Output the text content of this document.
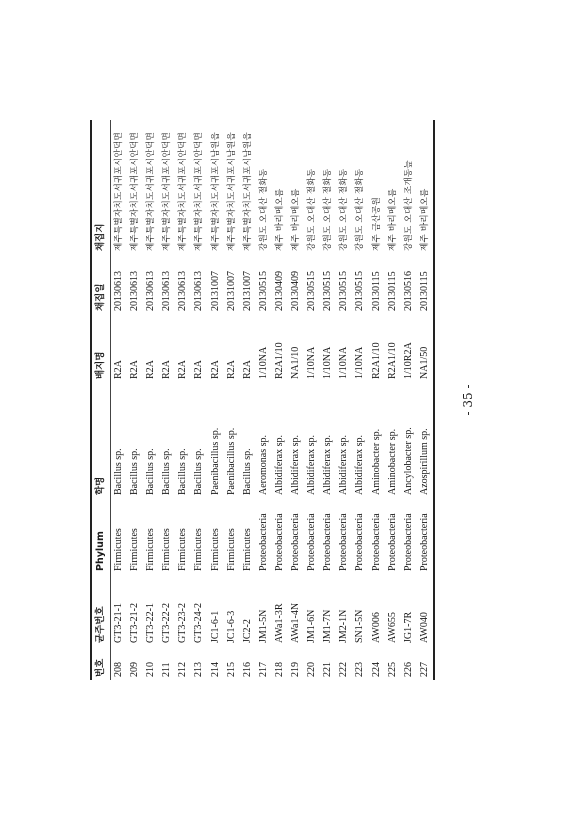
번호	균주번호	Phylum	학명	배지명	채집일	채집지
208	GT3-21-1	Firmicutes	Bacillus sp.	R2A	20130613	제주특별자치도서귀포시안덕면
209	GT3-21-2	Firmicutes	Bacillus sp.	R2A	20130613	제주특별자치도서귀포시안덕면
210	GT3-22-1	Firmicutes	Bacillus sp.	R2A	20130613	제주특별자치도서귀포시안덕면
211	GT3-22-2	Firmicutes	Bacillus sp.	R2A	20130613	제주특별자치도서귀포시안덕면
212	GT3-23-2	Firmicutes	Bacillus sp.	R2A	20130613	제주특별자치도서귀포시안덕면
213	GT3-24-2	Firmicutes	Bacillus sp.	R2A	20130613	제주특별자치도서귀포시안덕면
214	JC1-6-1	Firmicutes	Paenibacillus sp.	R2A	20131007	제주특별자치도서귀포시남원읍
215	JC1-6-3	Firmicutes	Paenibacillus sp.	R2A	20131007	제주특별자치도서귀포시남원읍
216	JC2-2	Firmicutes	Bacillus sp.	R2A	20131007	제주특별자치도서귀포시남원읍
217	JM1-5N	Proteobacteria	Aeromonas sp.	1/10NA	20130515	강원도 오대산 절화동
218	AWa1-3R	Proteobacteria	Albidiferax sp.	R2A1/10	20130409	제주 바리메오름
219	AWa1-4N	Proteobacteria	Albidiferax sp.	NA1/10	20130409	제주 바리메오름
220	JM1-6N	Proteobacteria	Albidiferax sp.	1/10NA	20130515	강원도 오대산 절화동
221	JM1-7N	Proteobacteria	Albidiferax sp.	1/10NA	20130515	강원도 오대산 절화동
222	JM2-1N	Proteobacteria	Albidiferax sp.	1/10NA	20130515	강원도 오대산 절화동
223	SN1-5N	Proteobacteria	Albidiferax sp.	1/10NA	20130515	강원도 오대산 절화동
224	AW006	Proteobacteria	Aminobacter sp.	R2A1/10	20130115	제주 금산공원
225	AW655	Proteobacteria	Aminobacter sp.	R2A1/10	20130115	제주 바리메오름
226	JG1-7R	Proteobacteria	Ancylobacter sp.	1/10R2A	20130516	강원도 오대산 조개동늪
227	AW040	Proteobacteria	Azospirillum sp.	NA1/50	20130115	제주 바리메오름
- 35 -
